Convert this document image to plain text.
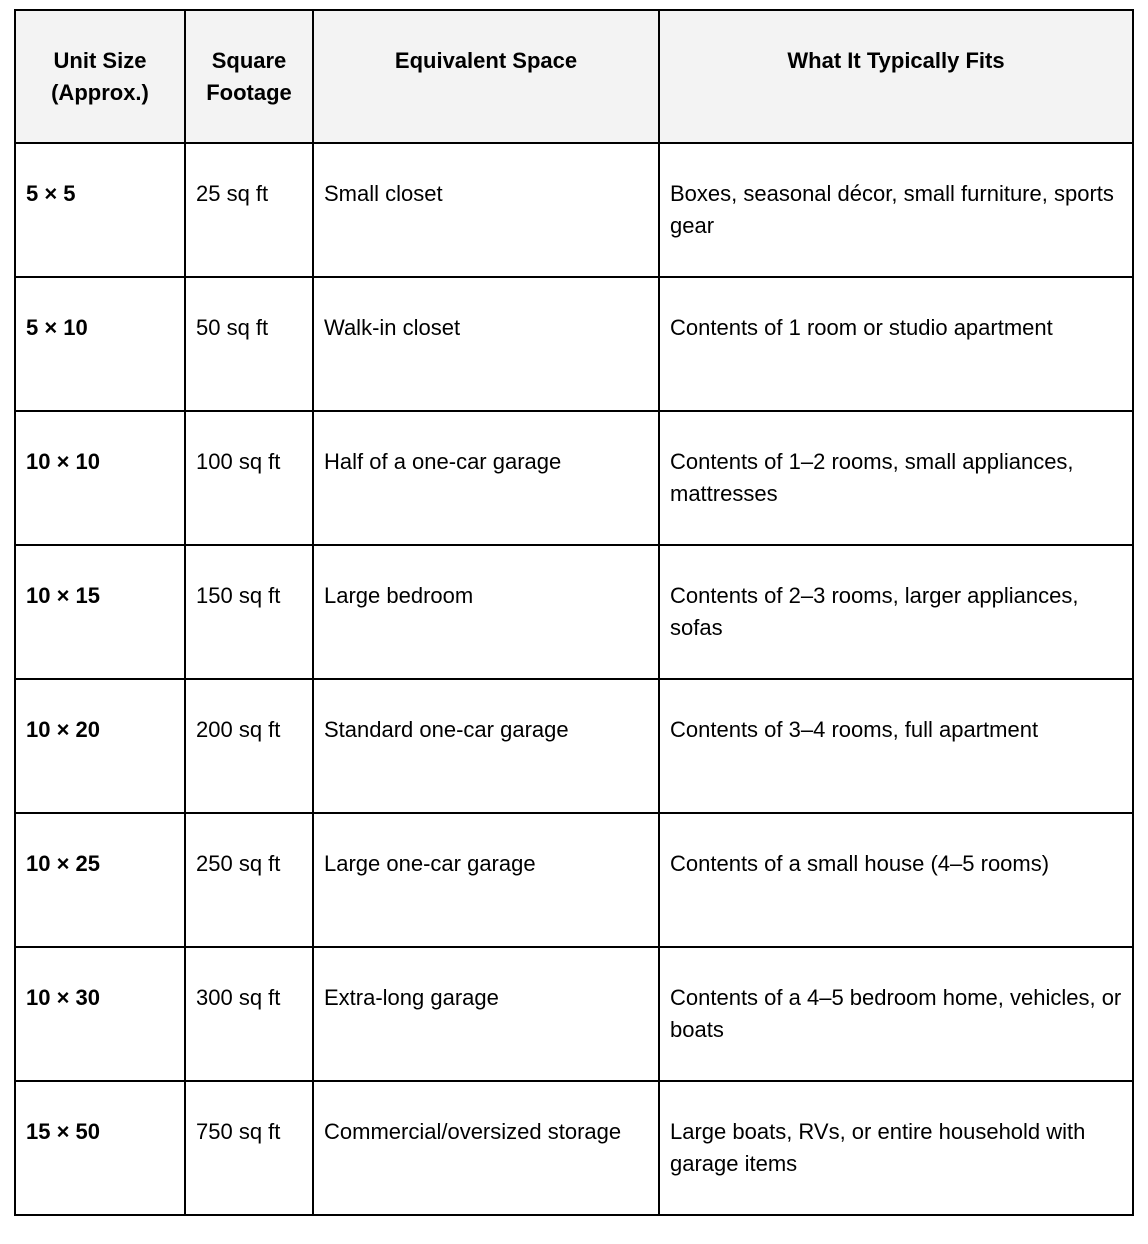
Unit Size (Approx.)	Square Footage	Equivalent Space	What It Typically Fits
5 × 5	25 sq ft	Small closet	Boxes, seasonal décor, small furniture, sports gear
5 × 10	50 sq ft	Walk-in closet	Contents of 1 room or studio apartment
10 × 10	100 sq ft	Half of a one-car garage	Contents of 1–2 rooms, small appliances, mattresses
10 × 15	150 sq ft	Large bedroom	Contents of 2–3 rooms, larger appliances, sofas
10 × 20	200 sq ft	Standard one-car garage	Contents of 3–4 rooms, full apartment
10 × 25	250 sq ft	Large one-car garage	Contents of a small house (4–5 rooms)
10 × 30	300 sq ft	Extra-long garage	Contents of a 4–5 bedroom home, vehicles, or boats
15 × 50	750 sq ft	Commercial/oversized storage	Large boats, RVs, or entire household with garage items
